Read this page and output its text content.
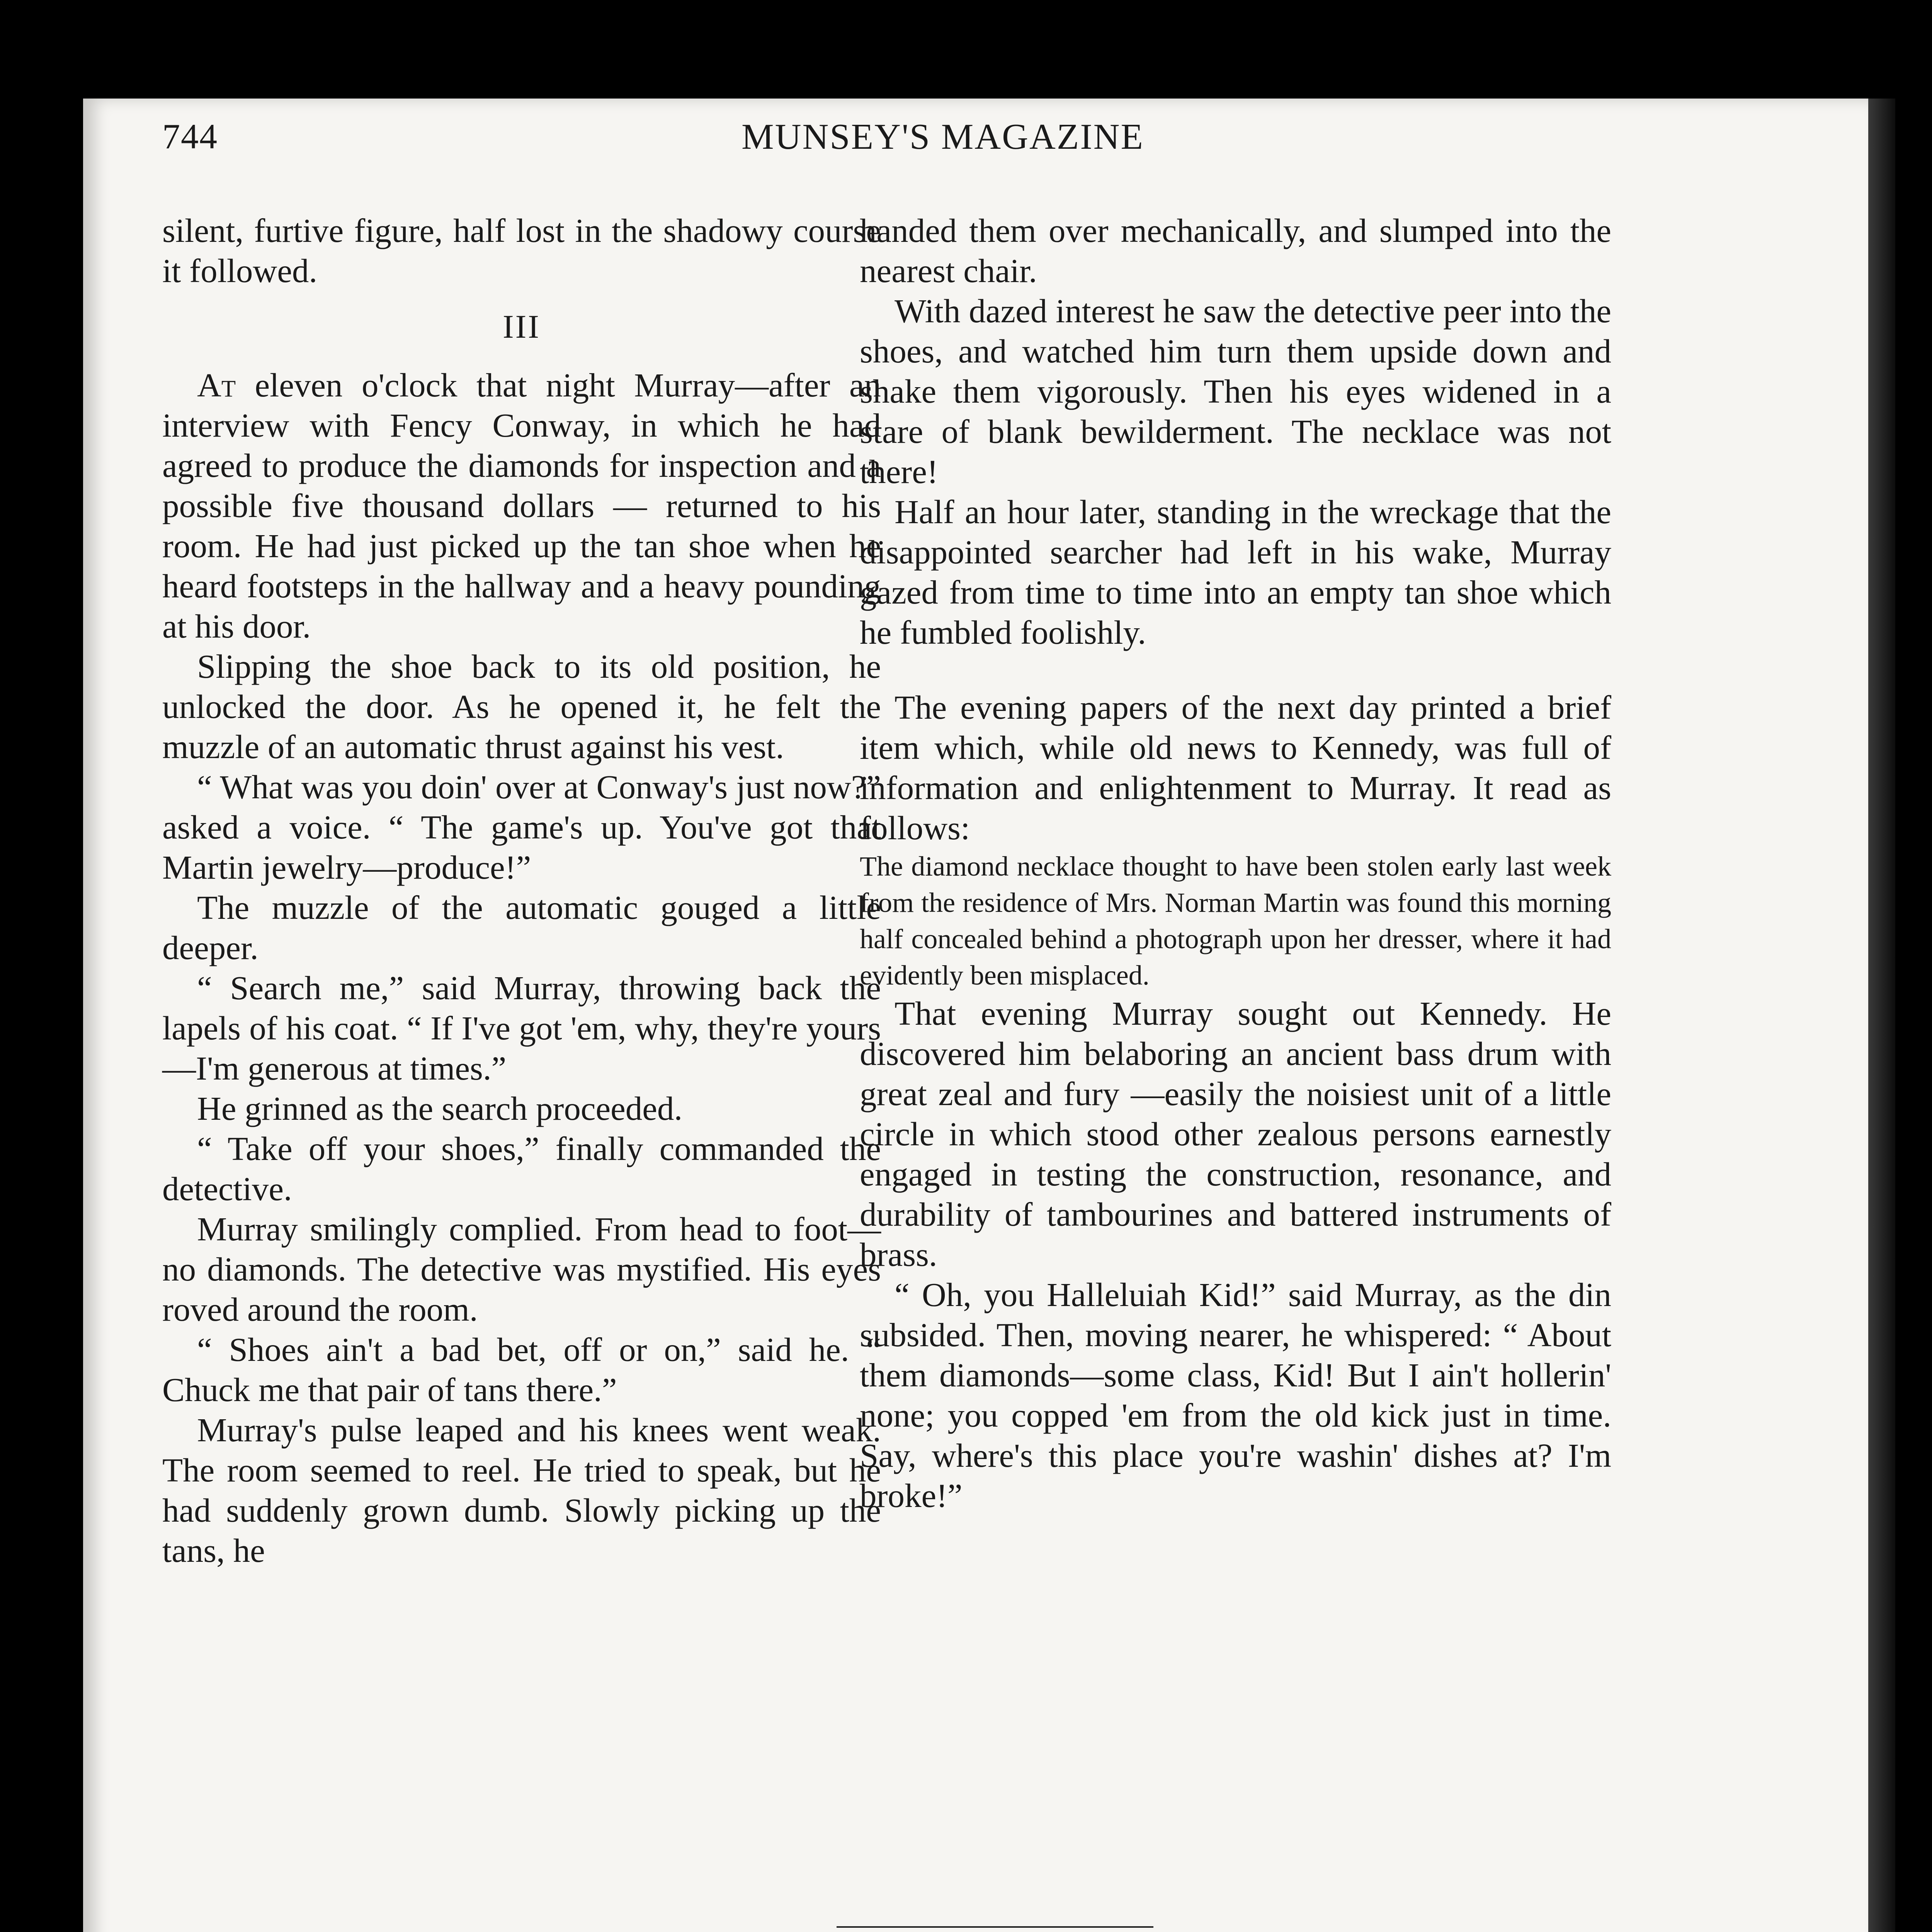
744	MUNSEY'S MAGAZINE

silent, furtive figure, half lost in the shadowy course it followed.

III

At eleven o'clock that night Murray—after an interview with Fency Conway, in which he had agreed to produce the diamonds for inspection and a possible five thousand dollars — returned to his room. He had just picked up the tan shoe when he heard footsteps in the hallway and a heavy pounding at his door.

Slipping the shoe back to its old position, he unlocked the door. As he opened it, he felt the muzzle of an automatic thrust against his vest.

“ What was you doin' over at Conway's just now?” asked a voice. “ The game's up. You've got that Martin jewelry—produce!”

The muzzle of the automatic gouged a little deeper.

“ Search me,” said Murray, throwing back the lapels of his coat. “ If I've got 'em, why, they're yours—I'm generous at times.”

He grinned as the search proceeded.

“ Take off your shoes,” finally commanded the detective.

Murray smilingly complied. From head to foot—no diamonds. The detective was mystified. His eyes roved around the room.

“ Shoes ain't a bad bet, off or on,” said he. “ Chuck me that pair of tans there.”

Murray's pulse leaped and his knees went weak. The room seemed to reel. He tried to speak, but he had suddenly grown dumb. Slowly picking up the tans, he

handed them over mechanically, and slumped into the nearest chair.

With dazed interest he saw the detective peer into the shoes, and watched him turn them upside down and shake them vigorously. Then his eyes widened in a stare of blank bewilderment. The necklace was not there!

Half an hour later, standing in the wreckage that the disappointed searcher had left in his wake, Murray gazed from time to time into an empty tan shoe which he fumbled foolishly.

The evening papers of the next day printed a brief item which, while old news to Kennedy, was full of information and enlightenment to Murray. It read as follows:

The diamond necklace thought to have been stolen early last week from the residence of Mrs. Norman Martin was found this morning half concealed behind a photograph upon her dresser, where it had evidently been misplaced.

That evening Murray sought out Kennedy. He discovered him belaboring an ancient bass drum with great zeal and fury —easily the noisiest unit of a little circle in which stood other zealous persons earnestly engaged in testing the construction, resonance, and durability of tambourines and battered instruments of brass.

“ Oh, you Halleluiah Kid!” said Murray, as the din subsided. Then, moving nearer, he whispered: “ About them diamonds—some class, Kid! But I ain't hollerin' none; you copped 'em from the old kick just in time. Say, where's this place you're washin' dishes at? I'm broke!”
